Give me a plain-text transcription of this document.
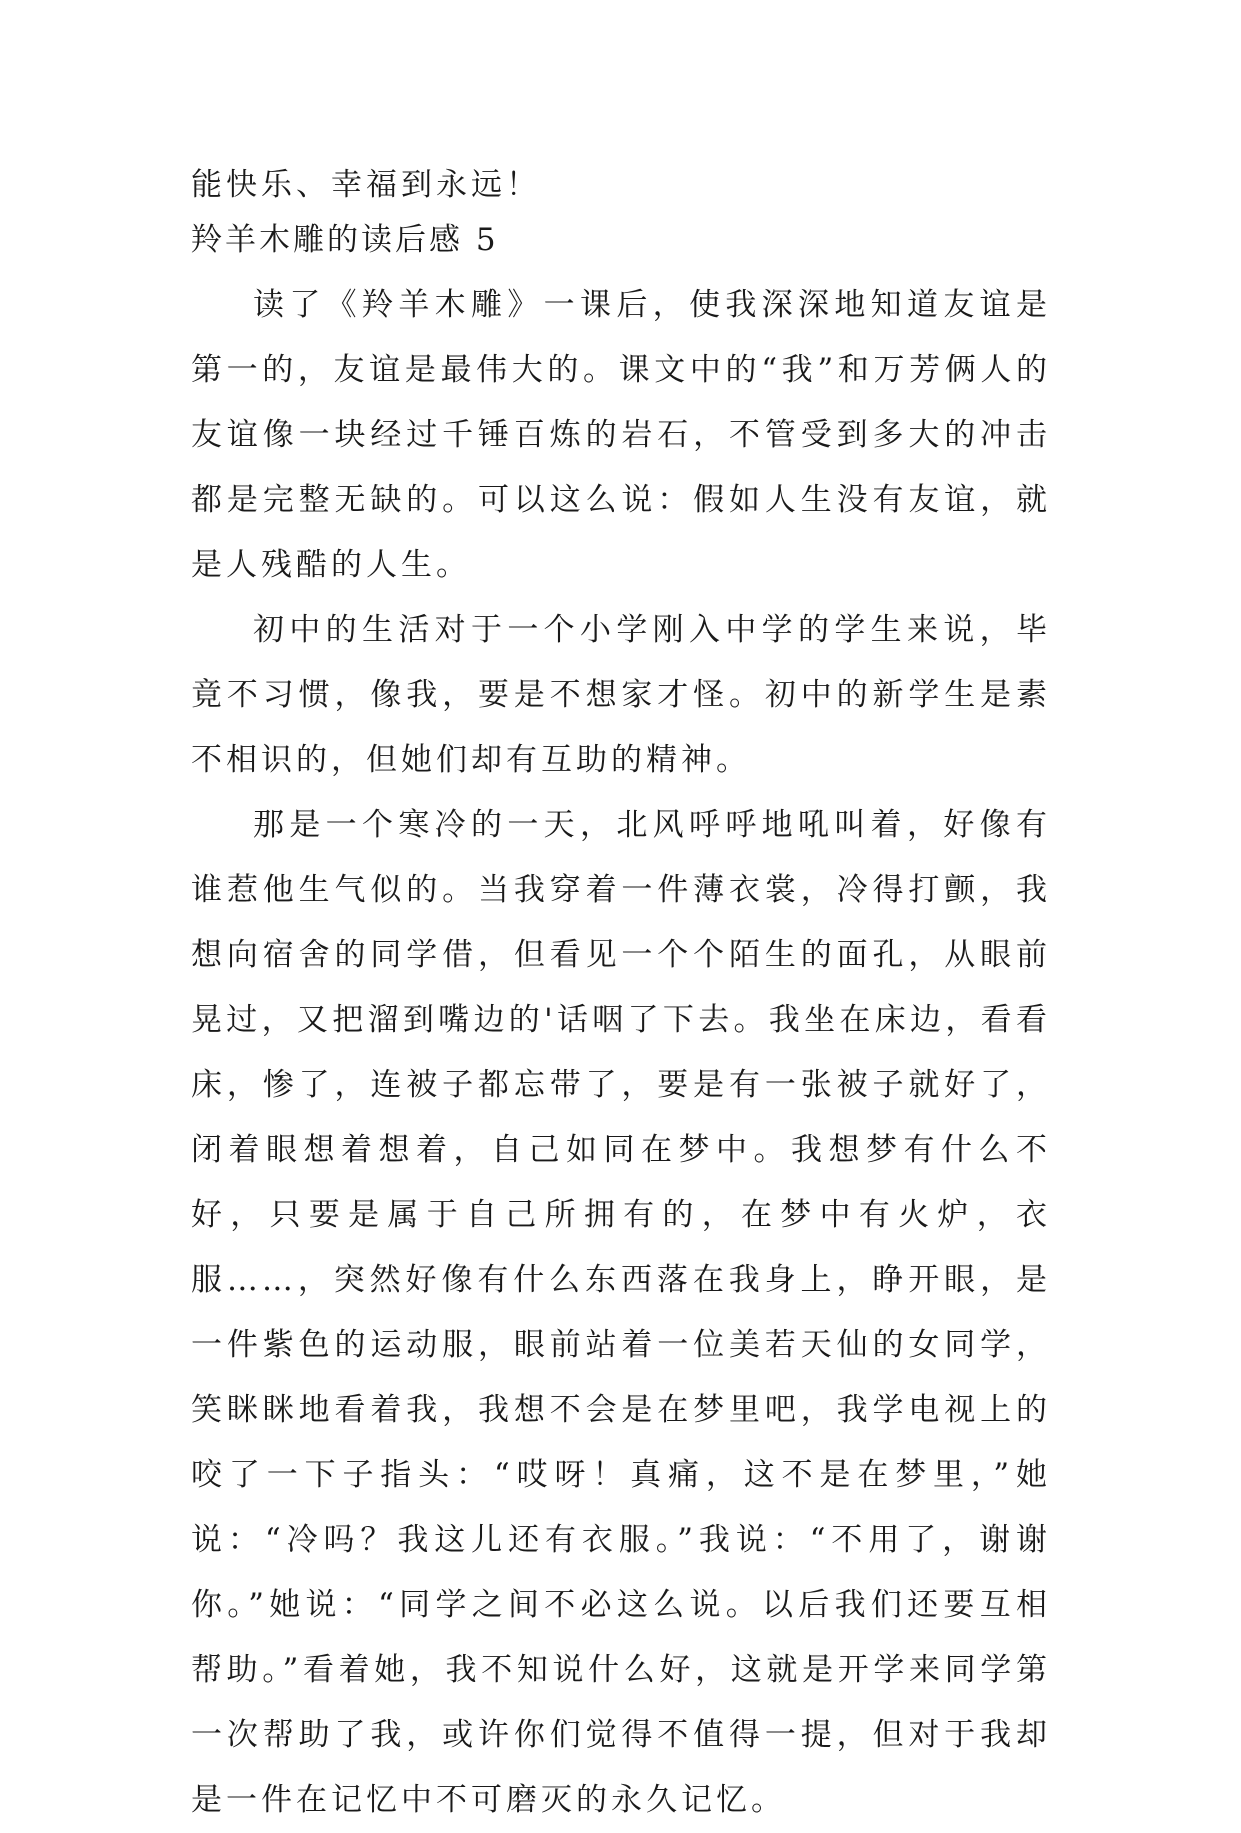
能快乐、幸福到永远！

羚羊木雕的读后感 5

读了《羚羊木雕》一课后，使我深深地知道友谊是第一的，友谊是最伟大的。课文中的“我”和万芳俩人的友谊像一块经过千锤百炼的岩石，不管受到多大的冲击都是完整无缺的。可以这么说：假如人生没有友谊，就是人残酷的人生。

初中的生活对于一个小学刚入中学的学生来说，毕竟不习惯，像我，要是不想家才怪。初中的新学生是素不相识的，但她们却有互助的精神。

那是一个寒冷的一天，北风呼呼地吼叫着，好像有谁惹他生气似的。当我穿着一件薄衣裳，冷得打颤，我想向宿舍的同学借，但看见一个个陌生的面孔，从眼前晃过，又把溜到嘴边的'话咽了下去。我坐在床边，看看床，惨了，连被子都忘带了，要是有一张被子就好了，闭着眼想着想着，自己如同在梦中。我想梦有什么不好，只要是属于自己所拥有的，在梦中有火炉，衣服……，突然好像有什么东西落在我身上，睁开眼，是一件紫色的运动服，眼前站着一位美若天仙的女同学，笑眯眯地看着我，我想不会是在梦里吧，我学电视上的咬了一下子指头：“哎呀！真痛，这不是在梦里，”她说：“冷吗？我这儿还有衣服。”我说：“不用了，谢谢你。”她说：“同学之间不必这么说。以后我们还要互相帮助。”看着她，我不知说什么好，这就是开学来同学第一次帮助了我，或许你们觉得不值得一提，但对于我却是一件在记忆中不可磨灭的永久记忆。
